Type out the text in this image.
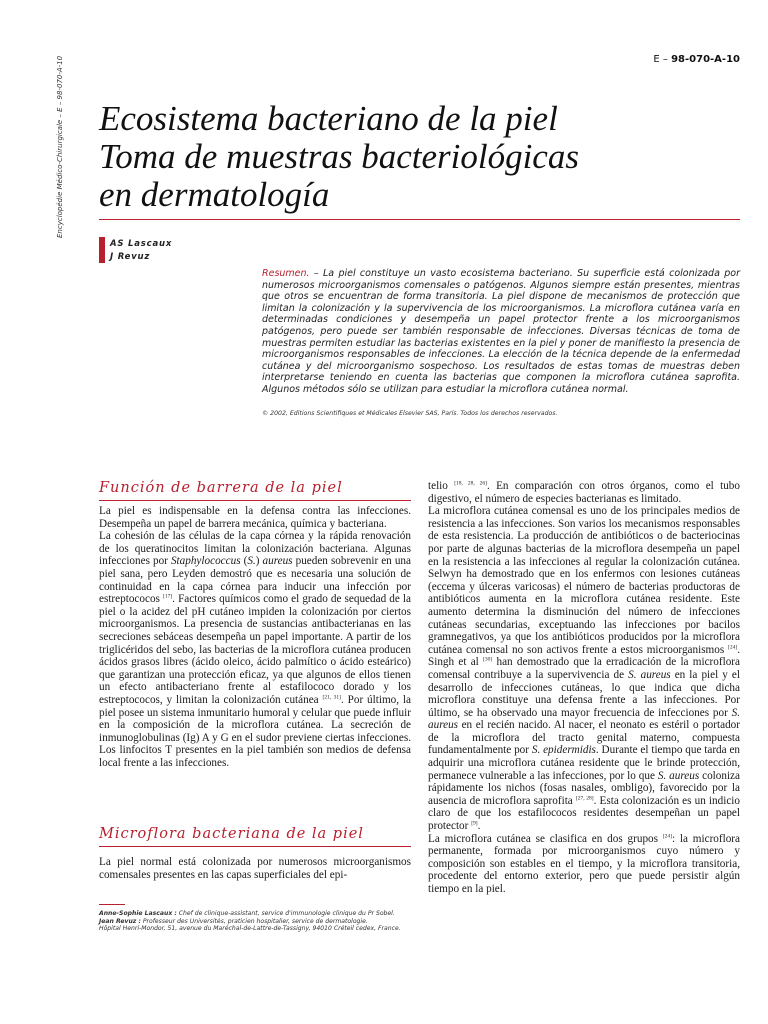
Encyclopédie Médico-Chirurgicale – E – 98-070-A-10	E – 98-070-A-10
Ecosistema bacteriano de la piel
Toma de muestras bacteriológicas
en dermatología
AS Lascaux
J Revuz
Resumen. – La piel constituye un vasto ecosistema bacteriano. Su superficie está colonizada por numerosos microorganismos comensales o patógenos. Algunos siempre están presentes, mientras que otros se encuentran de forma transitoria. La piel dispone de mecanismos de protección que limitan la colonización y la supervivencia de los microorganismos. La microflora cutánea varía en determinadas condiciones y desempeña un papel protector frente a los microorganismos patógenos, pero puede ser también responsable de infecciones. Diversas técnicas de toma de muestras permiten estudiar las bacterias existentes en la piel y poner de manifiesto la presencia de microorganismos responsables de infecciones. La elección de la técnica depende de la enfermedad cutánea y del microorganismo sospechoso. Los resultados de estas tomas de muestras deben interpretarse teniendo en cuenta las bacterias que componen la microflora cutánea saprofita. Algunos métodos sólo se utilizan para estudiar la microflora cutánea normal.
© 2002, Editions Scientifiques et Médicales Elsevier SAS, París. Todos los derechos reservados.
Función de barrera de la piel

La piel es indispensable en la defensa contra las infecciones. Desempeña un papel de barrera mecánica, química y bacteriana.

La cohesión de las células de la capa córnea y la rápida renovación de los queratinocitos limitan la colonización bacteriana. Algunas infecciones por Staphylococcus (S.) aureus pueden sobrevenir en una piel sana, pero Leyden demostró que es necesaria una solución de continuidad en la capa córnea para inducir una infección por estreptococos [17]. Factores químicos como el grado de sequedad de la piel o la acidez del pH cutáneo impiden la colonización por ciertos microorganismos. La presencia de sustancias antibacterianas en las secreciones sebáceas desempeña un papel importante. A partir de los triglicéridos del sebo, las bacterias de la microflora cutánea producen ácidos grasos libres (ácido oleico, ácido palmítico o ácido esteárico) que garantizan una protección eficaz, ya que algunos de ellos tienen un efecto antibacteriano frente al estafilococo dorado y los estreptococos, y limitan la colonización cutánea [21, 31]. Por último, la piel posee un sistema inmunitario humoral y celular que puede influir en la composición de la microflora cutánea. La secreción de inmunoglobulinas (Ig) A y G en el sudor previene ciertas infecciones. Los linfocitos T presentes en la piel también son medios de defensa local frente a las infecciones.

Microflora bacteriana de la piel

La piel normal está colonizada por numerosos microorganismos comensales presentes en las capas superficiales del epi-

Anne-Sophie Lascaux : Chef de clinique-assistant, service d'immunologie clinique du Pr Sobel.
Jean Revuz : Professeur des Universités, praticien hospitalier, service de dermatologie.
Hôpital Henri-Mondor, 51, avenue du Maréchal-de-Lattre-de-Tassigny, 94010 Créteil cedex, France.

telio [18, 28, 26]. En comparación con otros órganos, como el tubo digestivo, el número de especies bacterianas es limitado.

La microflora cutánea comensal es uno de los principales medios de resistencia a las infecciones. Son varios los mecanismos responsables de esta resistencia. La producción de antibióticos o de bacteriocinas por parte de algunas bacterias de la microflora desempeña un papel en la resistencia a las infecciones al regular la colonización cutánea. Selwyn ha demostrado que en los enfermos con lesiones cutáneas (eccema y úlceras varicosas) el número de bacterias productoras de antibióticos aumenta en la microflora cutánea residente. Este aumento determina la disminución del número de infecciones cutáneas secundarias, exceptuando las infecciones por bacilos gramnegativos, ya que los antibióticos producidos por la microflora cutánea comensal no son activos frente a estos microorganismos [24]. Singh et al [30] han demostrado que la erradicación de la microflora comensal contribuye a la supervivencia de S. aureus en la piel y el desarrollo de infecciones cutáneas, lo que indica que dicha microflora constituye una defensa frente a las infecciones. Por último, se ha observado una mayor frecuencia de infecciones por S. aureus en el recién nacido. Al nacer, el neonato es estéril o portador de la microflora del tracto genital materno, compuesta fundamentalmente por S. epidermidis. Durante el tiempo que tarda en adquirir una microflora cutánea residente que le brinde protección, permanece vulnerable a las infecciones, por lo que S. aureus coloniza rápidamente los nichos (fosas nasales, ombligo), favorecido por la ausencia de microflora saprofita [27, 28]. Esta colonización es un indicio claro de que los estafilococos residentes desempeñan un papel protector [9].

La microflora cutánea se clasifica en dos grupos [24]: la microflora permanente, formada por microorganismos cuyo número y composición son estables en el tiempo, y la microflora transitoria, procedente del entorno exterior, pero que puede persistir algún tiempo en la piel.
